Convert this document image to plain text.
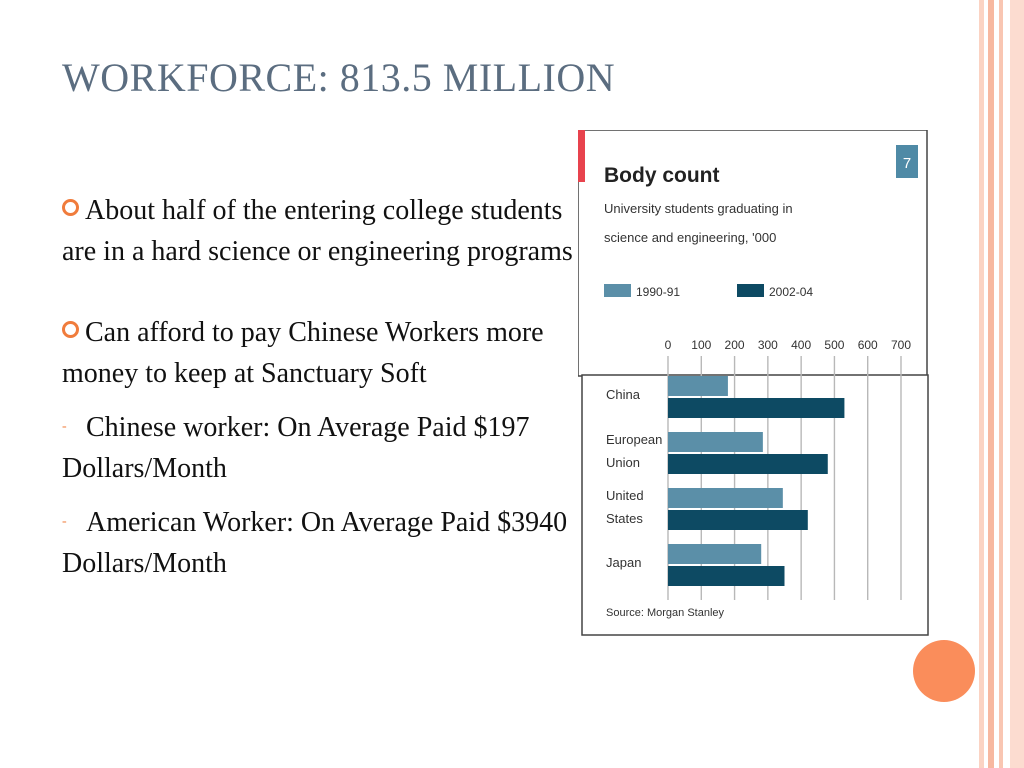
WORKFORCE: 813.5 MILLION

About half of the entering college students are in a hard science or engineering programs

Can afford to pay Chinese Workers more money to keep at Sanctuary Soft

- Chinese worker: On Average Paid $197 Dollars/Month

- American Worker: On Average Paid $3940 Dollars/Month

7
Body count
University students graduating in
science and engineering, '000
1990-91	2002-04
0 100 200 300 400 500 600 700
China
European
Union
United
States
Japan
Source: Morgan Stanley
